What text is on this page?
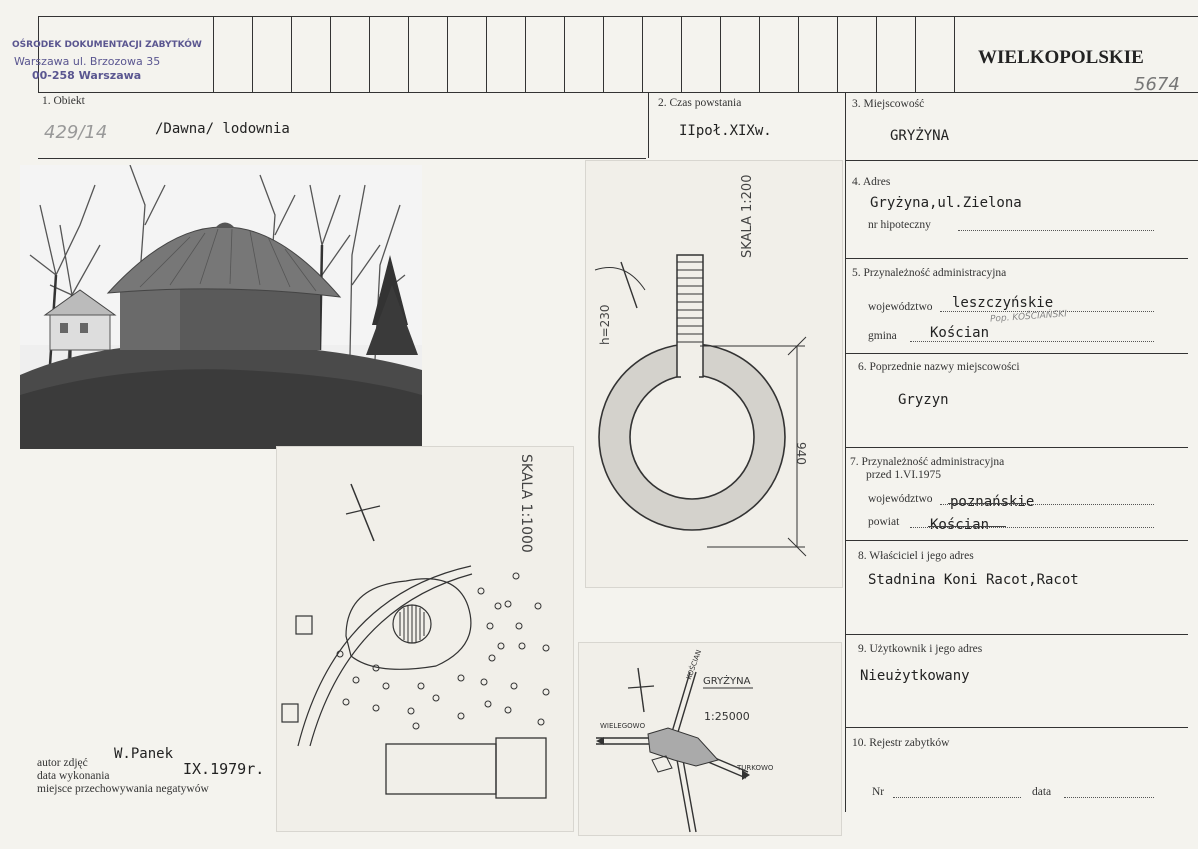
OŚRODEK DOKUMENTACJI ZABYTKÓW
Warszawa ul. Brzozowa 35
00-258 Warszawa
WIELKOPOLSKIE
5674
1. Obiekt
429/14	/Dawna/ lodownia
2. Czas powstania
IIpoł.XIXw.
3. Miejscowość
GRYŻYNA
4. Adres
Gryżyna,ul.Zielona
nr hipoteczny
5. Przynależność administracyjna
województwo leszczyńskie
Pop. KOŚCIAŃSKI
gmina Kościan
6. Poprzednie nazwy miejscowości
Gryzyn
7. Przynależność administracyjna
przed 1.VI.1975
województwo poznańskie
powiat Kościan
8. Właściciel i jego adres
Stadnina Koni Racot,Racot
9. Użytkownik i jego adres
Nieużytkowany
10. Rejestr zabytków
Nr	data
SKALA 1:200
h=230
940
SKALA 1:1000
GRYŻYNA
1:25000
KOŚCIAN
WIELEGOWO
TURKOWO
autor zdjęć
W.Panek
data wykonania	IX.1979r.
miejsce przechowywania negatywów
